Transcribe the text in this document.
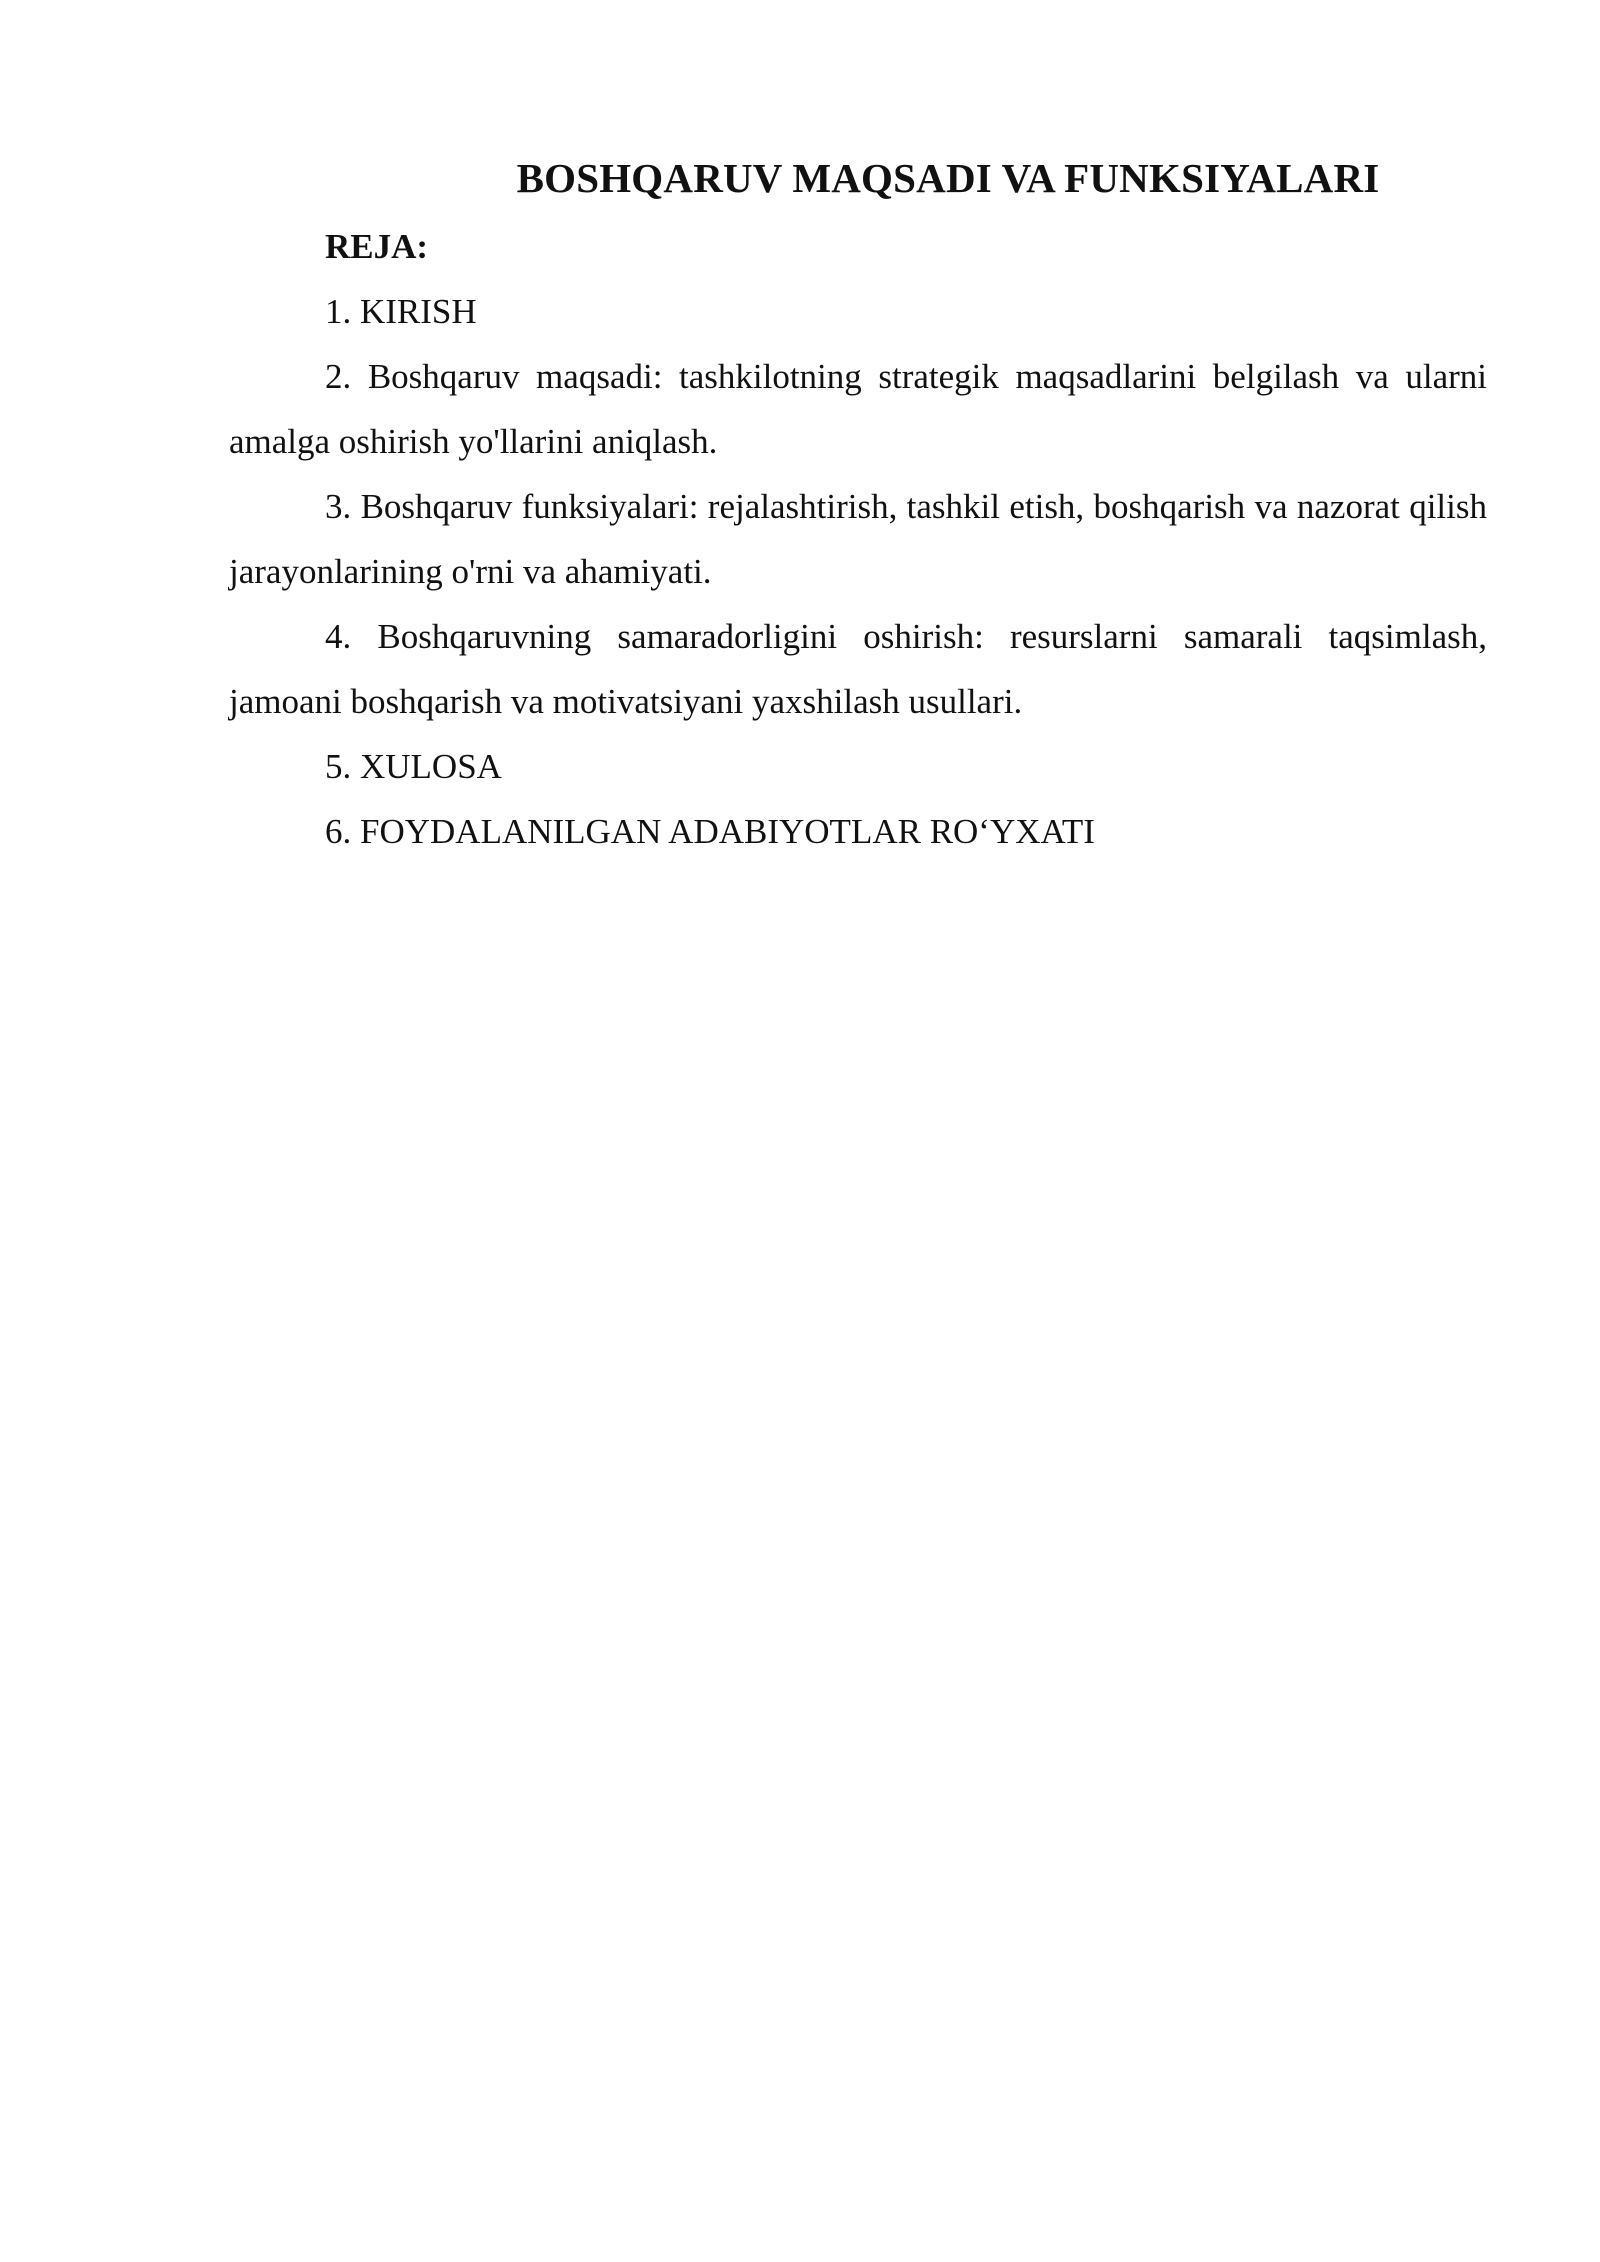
BOSHQARUV MAQSADI VA FUNKSIYALARI

REJA:

1. KIRISH

2. Boshqaruv maqsadi: tashkilotning strategik maqsadlarini belgilash va ularni amalga oshirish yo'llarini aniqlash.

3. Boshqaruv funksiyalari: rejalashtirish, tashkil etish, boshqarish va nazorat qilish jarayonlarining o'rni va ahamiyati.

4. Boshqaruvning samaradorligini oshirish: resurslarni samarali taqsimlash, jamoani boshqarish va motivatsiyani yaxshilash usullari.

5. XULOSA

6. FOYDALANILGAN ADABIYOTLAR RO‘YXATI
